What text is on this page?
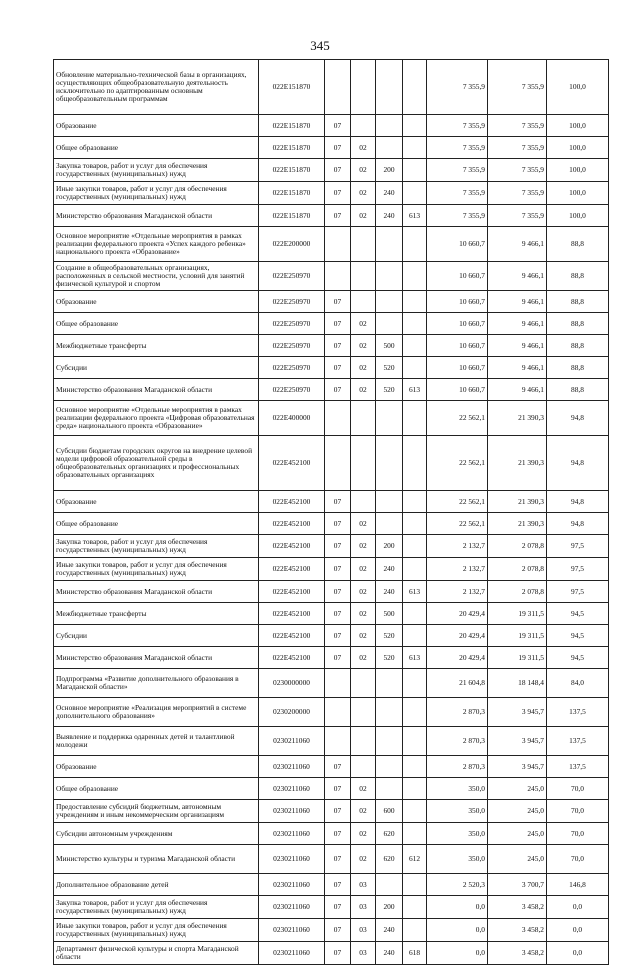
345
Обновление материально-технической базы в организациях, осуществляющих общеобразовательную деятельность исключительно по адаптированным основным общеобразовательным программам	022E151870					7 355,9	7 355,9	100,0
Образование	022E151870	07				7 355,9	7 355,9	100,0
Общее образование	022E151870	07	02			7 355,9	7 355,9	100,0
Закупка товаров, работ и услуг для обеспечения государственных (муниципальных) нужд	022E151870	07	02	200		7 355,9	7 355,9	100,0
Иные закупки товаров, работ и услуг для обеспечения государственных (муниципальных) нужд	022E151870	07	02	240		7 355,9	7 355,9	100,0
Министерство образования Магаданской области	022E151870	07	02	240	613	7 355,9	7 355,9	100,0
Основное мероприятие «Отдельные мероприятия в рамках реализации федерального проекта «Успех каждого ребенка» национального проекта «Образование»	022E200000					10 660,7	9 466,1	88,8
Создание в общеобразовательных организациях, расположенных в сельской местности, условий для занятий физической культурой и спортом	022E250970					10 660,7	9 466,1	88,8
Образование	022E250970	07				10 660,7	9 466,1	88,8
Общее образование	022E250970	07	02			10 660,7	9 466,1	88,8
Межбюджетные трансферты	022E250970	07	02	500		10 660,7	9 466,1	88,8
Субсидии	022E250970	07	02	520		10 660,7	9 466,1	88,8
Министерство образования Магаданской области	022E250970	07	02	520	613	10 660,7	9 466,1	88,8
Основное мероприятие «Отдельные мероприятия в рамках реализации федерального проекта «Цифровая образовательная среда» национального проекта «Образование»	022E400000					22 562,1	21 390,3	94,8
Субсидии бюджетам городских округов на внедрение целевой модели цифровой образовательной среды в общеобразовательных организациях и профессиональных образовательных организациях	022E452100					22 562,1	21 390,3	94,8
Образование	022E452100	07				22 562,1	21 390,3	94,8
Общее образование	022E452100	07	02			22 562,1	21 390,3	94,8
Закупка товаров, работ и услуг для обеспечения государственных (муниципальных) нужд	022E452100	07	02	200		2 132,7	2 078,8	97,5
Иные закупки товаров, работ и услуг для обеспечения государственных (муниципальных) нужд	022E452100	07	02	240		2 132,7	2 078,8	97,5
Министерство образования Магаданской области	022E452100	07	02	240	613	2 132,7	2 078,8	97,5
Межбюджетные трансферты	022E452100	07	02	500		20 429,4	19 311,5	94,5
Субсидии	022E452100	07	02	520		20 429,4	19 311,5	94,5
Министерство образования Магаданской области	022E452100	07	02	520	613	20 429,4	19 311,5	94,5
Подпрограмма «Развитие дополнительного образования в Магаданской области»	0230000000					21 604,8	18 148,4	84,0
Основное мероприятие «Реализация мероприятий в системе дополнительного образования»	0230200000					2 870,3	3 945,7	137,5
Выявление и поддержка одаренных детей и талантливой молодежи	0230211060					2 870,3	3 945,7	137,5
Образование	0230211060	07				2 870,3	3 945,7	137,5
Общее образование	0230211060	07	02			350,0	245,0	70,0
Предоставление субсидий бюджетным, автономным учреждениям и иным некоммерческим организациям	0230211060	07	02	600		350,0	245,0	70,0
Субсидии автономным учреждениям	0230211060	07	02	620		350,0	245,0	70,0
Министерство культуры и туризма Магаданской области	0230211060	07	02	620	612	350,0	245,0	70,0
Дополнительное образование детей	0230211060	07	03			2 520,3	3 700,7	146,8
Закупка товаров, работ и услуг для обеспечения государственных (муниципальных) нужд	0230211060	07	03	200		0,0	3 458,2	0,0
Иные закупки товаров, работ и услуг для обеспечения государственных (муниципальных) нужд	0230211060	07	03	240		0,0	3 458,2	0,0
Департамент физической культуры и спорта Магаданской области	0230211060	07	03	240	618	0,0	3 458,2	0,0
